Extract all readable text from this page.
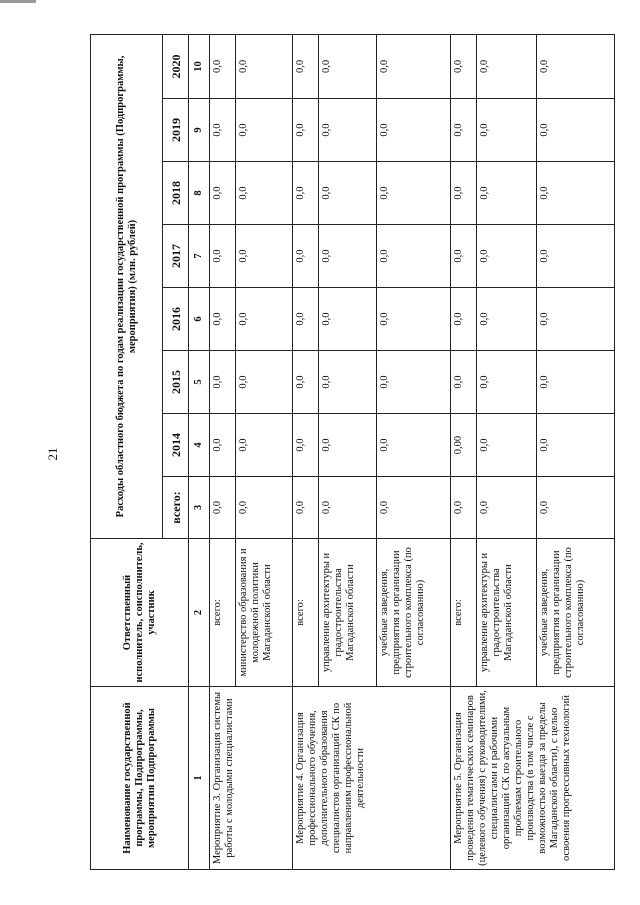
21
Наименование государственной программы, Подпрограммы, мероприятия Подпрограммы	Ответственный исполнитель, соисполнитель, участник	Расходы областного бюджета по годам реализации государственной программы (Подпрограммы, мероприятия) (млн. рублей)							
		всего:	2014	2015	2016	2017	2018	2019	2020
1	2	3	4	5	6	7	8	9	10
Мероприятие 3. Организация системы работы с молодыми специалистами	всего:	0,0	0,0	0,0	0,0	0,0	0,0	0,0	0,0
	министерство образования и молодежной политики Магаданской области	0,0	0,0	0,0	0,0	0,0	0,0	0,0	0,0
Мероприятие 4. Организация профессионального обучения, дополнительного образования специалистов организаций СК по направлениям профессиональной деятельности	всего:	0,0	0,0	0,0	0,0	0,0	0,0	0,0	0,0
	управление архитектуры и градостроительства Магаданской области	0,0	0,0	0,0	0,0	0,0	0,0	0,0	0,0
	учебные заведения, предприятия и организации строительного комплекса (по согласованию)	0,0	0,0	0,0	0,0	0,0	0,0	0,0	0,0
Мероприятие 5. Организация проведения тематических семинаров (целевого обучения) с руководителями, специалистами и рабочими организаций СК по актуальным проблемам строительного производства (в том числе с возможностью выезда за пределы Магаданской области), с целью освоения прогрессивных технологий	всего:	0,0	0,00	0,0	0,0	0,0	0,0	0,0	0,0
	управление архитектуры и градостроительства Магаданской области	0,0	0,0	0,0	0,0	0,0	0,0	0,0	0,0
	учебные заведения, предприятия и организации строительного комплекса (по согласованию)	0,0	0,0	0,0	0,0	0,0	0,0	0,0	0,0
